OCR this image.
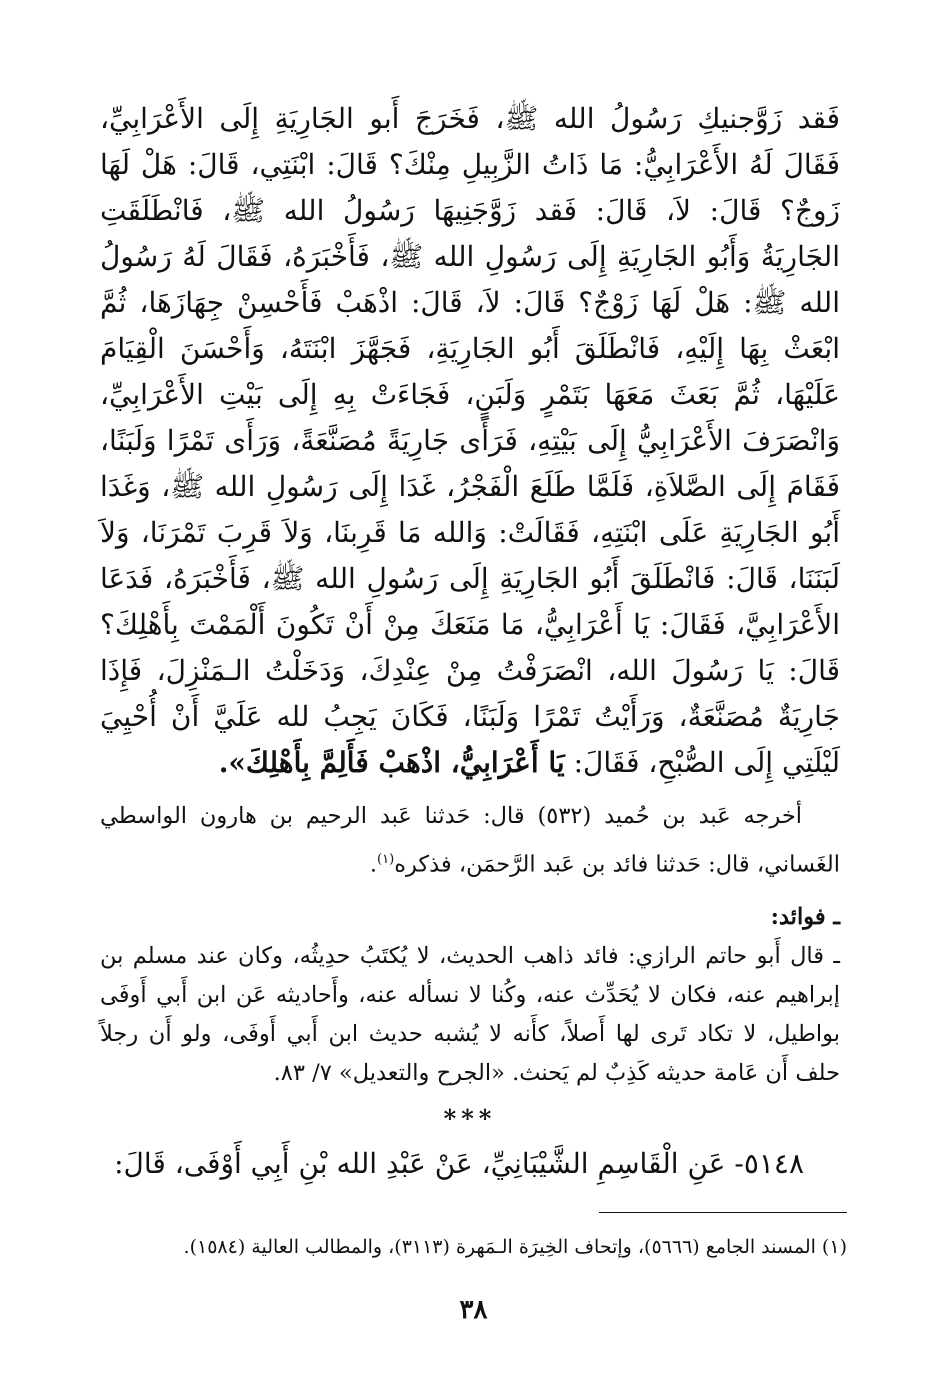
فَقد زَوَّجنيكِ رَسُولُ الله ﷺ، فَخَرَجَ أَبو الجَارِيَةِ إِلَى الأَعْرَابِيِّ، فَقَالَ لَهُ الأَعْرَابِيُّ: مَا ذَاتُ الزَّبِيلِ مِنْكَ؟ قَالَ: ابْنَتِي، قَالَ: هَلْ لَهَا زَوجٌ؟ قَالَ: لاَ، قَالَ: فَقد زَوَّجَنِيهَا رَسُولُ الله ﷺ، فَانْطَلَقَتِ الجَارِيَةُ وَأَبُو الجَارِيَةِ إِلَى رَسُولِ الله ﷺ، فَأَخْبَرَهُ، فَقَالَ لَهُ رَسُولُ الله ﷺ: هَلْ لَهَا زَوْجٌ؟ قَالَ: لاَ، قَالَ: اذْهَبْ فَأَحْسِنْ جِهَازَهَا، ثُمَّ ابْعَثْ بِهَا إِلَيْهِ، فَانْطَلَقَ أَبُو الجَارِيَةِ، فَجَهَّزَ ابْنَتَهُ، وَأَحْسَنَ الْقِيَامَ عَلَيْهَا، ثُمَّ بَعَثَ مَعَهَا بَتَمْرٍ وَلَبَنٍ، فَجَاءَتْ بِهِ إِلَى بَيْتِ الأَعْرَابِيِّ، وَانْصَرَفَ الأَعْرَابِيُّ إِلَى بَيْتِهِ، فَرَأَى جَارِيَةً مُصَنَّعَةً، وَرَأَى تَمْرًا وَلَبَنًا، فَقَامَ إِلَى الصَّلاَةِ، فَلَمَّا طَلَعَ الْفَجْرُ، غَدَا إِلَى رَسُولِ الله ﷺ، وَغَدَا أَبُو الجَارِيَةِ عَلَى ابْنَتِهِ، فَقَالَتْ: وَالله مَا قَرِبنَا، وَلاَ قَرِبَ تَمْرَنَا، وَلاَ لَبَنَنَا، قَالَ: فَانْطَلَقَ أَبُو الجَارِيَةِ إِلَى رَسُولِ الله ﷺ، فَأَخْبَرَهُ، فَدَعَا الأَعْرَابِيَّ، فَقَالَ: يَا أَعْرَابِيُّ، مَا مَنَعَكَ مِنْ أَنْ تَكُونَ أَلْمَمْتَ بِأَهْلِكَ؟ قَالَ: يَا رَسُولَ الله، انْصَرَفْتُ مِنْ عِنْدِكَ، وَدَخَلْتُ الـمَنْزِلَ، فَإِذَا جَارِيَةٌ مُصَنَّعَةٌ، وَرَأَيْتُ تَمْرًا وَلَبَنًا، فَكَانَ يَجِبُ لله عَلَيَّ أَنْ أُحْيِيَ لَيْلَتِي إِلَى الصُّبْحِ، فَقَالَ: يَا أَعْرَابِيُّ، اذْهَبْ فَأَلِمَّ بِأَهْلِكَ».

أخرجه عَبد بن حُميد (٥٣٢) قال: حَدثنا عَبد الرحيم بن هارون الواسطي الغَساني، قال: حَدثنا فائد بن عَبد الرَّحمَن، فذكره$^{(١)}$.

ـ فوائد:

ـ قال أَبو حاتم الرازي: فائد ذاهب الحديث، لا يُكتَبُ حدِيثُه، وكان عند مسلم بن إبراهيم عنه، فكان لا يُحَدِّث عنه، وكُنا لا نسأله عنه، وأَحاديثه عَن ابن أَبي أَوفَى بواطيل، لا تكاد تَرى لها أَصلاً، كأَنه لا يُشبه حديث ابن أَبي أَوفَى، ولو أَن رجلاً حلف أَن عَامة حديثه كَذِبٌ لم يَحنث. «الجرح والتعديل» ٧/ ٨٣.

***

٥١٤٨- عَنِ الْقَاسِمِ الشَّيْبَانِيِّ، عَنْ عَبْدِ الله بْنِ أَبِي أَوْفَى، قَالَ:

(١) المسند الجامع (٥٦٦٦)، وإتحاف الخِيرَة الـمَهرة (٣١١٣)، والمطالب العالية (١٥٨٤).
٣٨
